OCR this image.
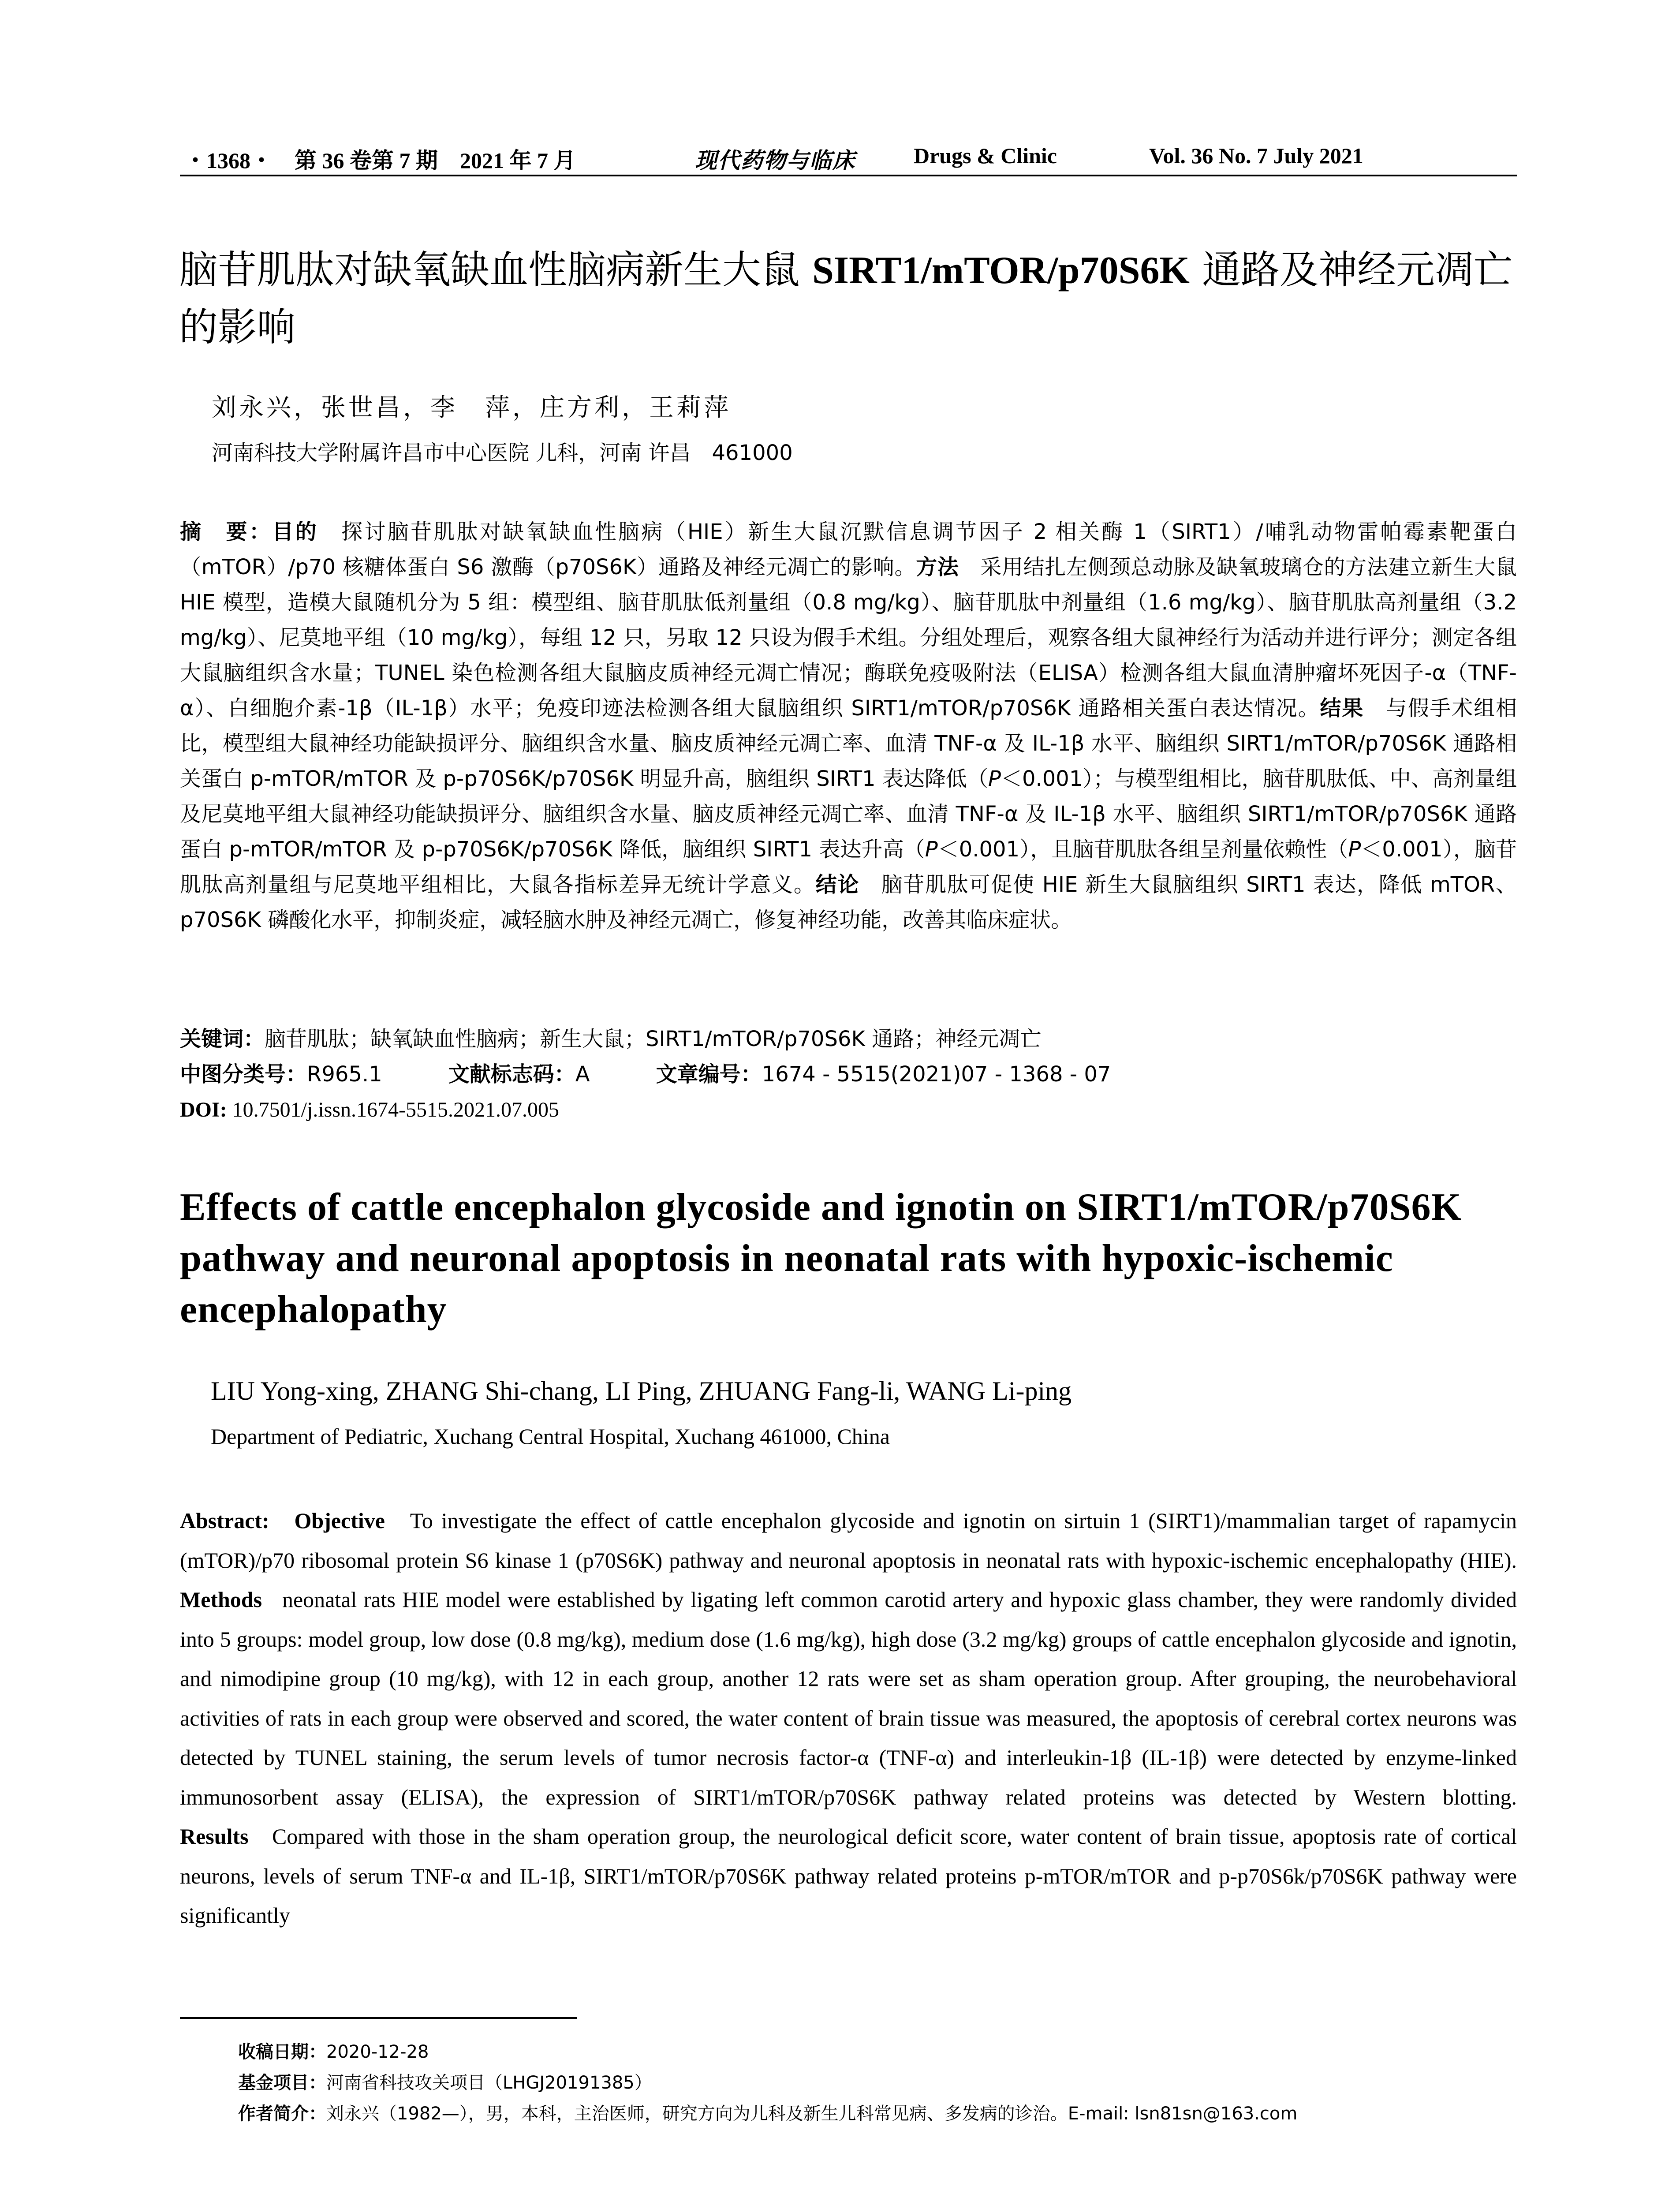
・1368・ 第 36 卷第 7 期　2021 年 7 月	现代药物与临床	Drugs & Clinic	Vol. 36 No. 7 July 2021
脑苷肌肽对缺氧缺血性脑病新生大鼠 SIRT1/mTOR/p70S6K 通路及神经元凋亡的影响
刘永兴，张世昌，李　萍，庄方利，王莉萍
河南科技大学附属许昌市中心医院 儿科，河南 许昌　461000
摘　要：目的　探讨脑苷肌肽对缺氧缺血性脑病（HIE）新生大鼠沉默信息调节因子 2 相关酶 1（SIRT1）/哺乳动物雷帕霉素靶蛋白（mTOR）/p70 核糖体蛋白 S6 激酶（p70S6K）通路及神经元凋亡的影响。方法　采用结扎左侧颈总动脉及缺氧玻璃仓的方法建立新生大鼠 HIE 模型，造模大鼠随机分为 5 组：模型组、脑苷肌肽低剂量组（0.8 mg/kg）、脑苷肌肽中剂量组（1.6 mg/kg）、脑苷肌肽高剂量组（3.2 mg/kg）、尼莫地平组（10 mg/kg），每组 12 只，另取 12 只设为假手术组。分组处理后，观察各组大鼠神经行为活动并进行评分；测定各组大鼠脑组织含水量；TUNEL 染色检测各组大鼠脑皮质神经元凋亡情况；酶联免疫吸附法（ELISA）检测各组大鼠血清肿瘤坏死因子-α（TNF-α）、白细胞介素-1β（IL-1β）水平；免疫印迹法检测各组大鼠脑组织 SIRT1/mTOR/p70S6K 通路相关蛋白表达情况。结果　与假手术组相比，模型组大鼠神经功能缺损评分、脑组织含水量、脑皮质神经元凋亡率、血清 TNF-α 及 IL-1β 水平、脑组织 SIRT1/mTOR/p70S6K 通路相关蛋白 p-mTOR/mTOR 及 p-p70S6K/p70S6K 明显升高，脑组织 SIRT1 表达降低（P＜0.001）；与模型组相比，脑苷肌肽低、中、高剂量组及尼莫地平组大鼠神经功能缺损评分、脑组织含水量、脑皮质神经元凋亡率、血清 TNF-α 及 IL-1β 水平、脑组织 SIRT1/mTOR/p70S6K 通路蛋白 p-mTOR/mTOR 及 p-p70S6K/p70S6K 降低，脑组织 SIRT1 表达升高（P＜0.001），且脑苷肌肽各组呈剂量依赖性（P＜0.001），脑苷肌肽高剂量组与尼莫地平组相比，大鼠各指标差异无统计学意义。结论　脑苷肌肽可促使 HIE 新生大鼠脑组织 SIRT1 表达，降低 mTOR、p70S6K 磷酸化水平，抑制炎症，减轻脑水肿及神经元凋亡，修复神经功能，改善其临床症状。
关键词：脑苷肌肽；缺氧缺血性脑病；新生大鼠；SIRT1/mTOR/p70S6K 通路；神经元凋亡
中图分类号：R965.1	文献标志码：A	文章编号：1674 - 5515(2021)07 - 1368 - 07
DOI: 10.7501/j.issn.1674-5515.2021.07.005
Effects of cattle encephalon glycoside and ignotin on SIRT1/mTOR/p70S6K pathway and neuronal apoptosis in neonatal rats with hypoxic-ischemic encephalopathy
LIU Yong-xing, ZHANG Shi-chang, LI Ping, ZHUANG Fang-li, WANG Li-ping
Department of Pediatric, Xuchang Central Hospital, Xuchang 461000, China
Abstract: Objective To investigate the effect of cattle encephalon glycoside and ignotin on sirtuin 1 (SIRT1)/mammalian target of rapamycin (mTOR)/p70 ribosomal protein S6 kinase 1 (p70S6K) pathway and neuronal apoptosis in neonatal rats with hypoxic-ischemic encephalopathy (HIE). Methods neonatal rats HIE model were established by ligating left common carotid artery and hypoxic glass chamber, they were randomly divided into 5 groups: model group, low dose (0.8 mg/kg), medium dose (1.6 mg/kg), high dose (3.2 mg/kg) groups of cattle encephalon glycoside and ignotin, and nimodipine group (10 mg/kg), with 12 in each group, another 12 rats were set as sham operation group. After grouping, the neurobehavioral activities of rats in each group were observed and scored, the water content of brain tissue was measured, the apoptosis of cerebral cortex neurons was detected by TUNEL staining, the serum levels of tumor necrosis factor-α (TNF-α) and interleukin-1β (IL-1β) were detected by enzyme-linked immunosorbent assay (ELISA), the expression of SIRT1/mTOR/p70S6K pathway related proteins was detected by Western blotting. Results Compared with those in the sham operation group, the neurological deficit score, water content of brain tissue, apoptosis rate of cortical neurons, levels of serum TNF-α and IL-1β, SIRT1/mTOR/p70S6K pathway related proteins p-mTOR/mTOR and p-p70S6k/p70S6K pathway were significantly
收稿日期：2020-12-28
基金项目：河南省科技攻关项目（LHGJ20191385）
作者简介：刘永兴（1982—），男，本科，主治医师，研究方向为儿科及新生儿科常见病、多发病的诊治。E-mail: lsn81sn@163.com
